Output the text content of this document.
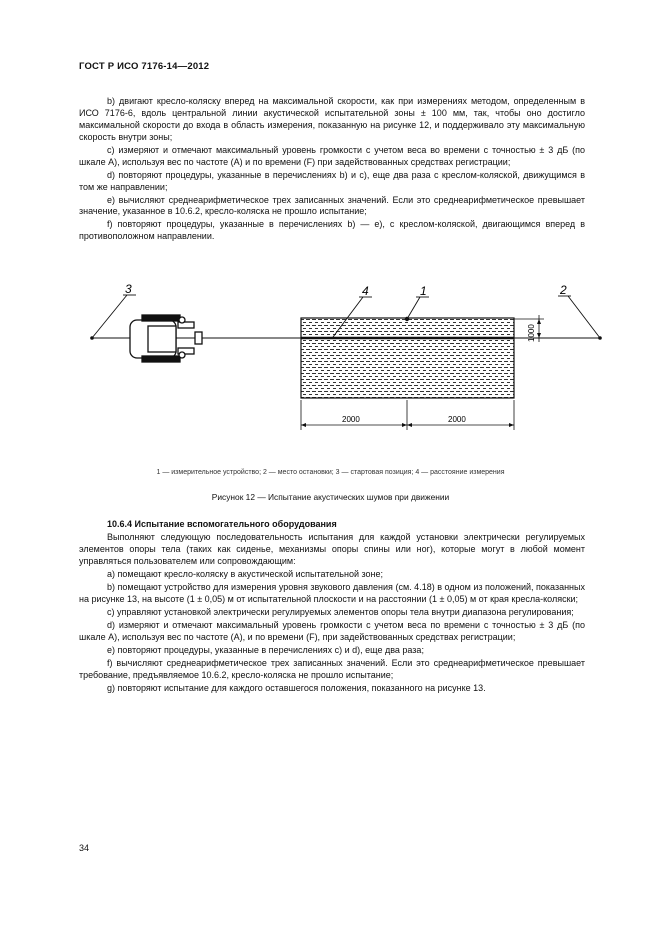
ГОСТ Р ИСО 7176-14—2012

b) двигают кресло-коляску вперед на максимальной скорости, как при измерениях методом, определенным в ИСО 7176-6, вдоль центральной линии акустической испытательной зоны ± 100 мм, так, чтобы оно достигло максимальной скорости до входа в область измерения, показанную на рисунке 12, и поддерживало эту максимальную скорость внутри зоны;

c) измеряют и отмечают максимальный уровень громкости с учетом веса во времени с точностью ± 3 дБ (по шкале A), используя вес по частоте (A) и по времени (F) при задействованных средствах регистрации;

d) повторяют процедуры, указанные в перечислениях b) и c), еще два раза с креслом-коляской, движущимся в том же направлении;

e) вычисляют среднеарифметическое трех записанных значений. Если это среднеарифметическое превышает значение, указанное в 10.6.2, кресло-коляска не прошло испытание;

f) повторяют процедуры, указанные в перечислениях b) — e), с креслом-коляской, двигающимся вперед в противоположном направлении.

3	4	1	2
1000
2000	2000
1 — измерительное устройство; 2 — место остановки; 3 — стартовая позиция; 4 — расстояние измерения
Рисунок 12 — Испытание акустических шумов при движении

10.6.4 Испытание вспомогательного оборудования

Выполняют следующую последовательность испытания для каждой установки электрически регулируемых элементов опоры тела (таких как сиденье, механизмы опоры спины или ног), которые могут в любой момент управляться пользователем или сопровождающим:

a) помещают кресло-коляску в акустической испытательной зоне;

b) помещают устройство для измерения уровня звукового давления (см. 4.18) в одном из положений, показанных на рисунке 13, на высоте (1 ± 0,05) м от испытательной плоскости и на расстоянии (1 ± 0,05) м от края кресла-коляски;

c) управляют установкой электрически регулируемых элементов опоры тела внутри диапазона регулирования;

d) измеряют и отмечают максимальный уровень громкости с учетом веса по времени с точностью ± 3 дБ (по шкале A), используя вес по частоте (A), и по времени (F), при задействованных средствах регистрации;

e) повторяют процедуры, указанные в перечислениях c) и d), еще два раза;

f) вычисляют среднеарифметическое трех записанных значений. Если это среднеарифметическое превышает требование, предъявляемое 10.6.2, кресло-коляска не прошло испытание;

g) повторяют испытание для каждого оставшегося положения, показанного на рисунке 13.

34
